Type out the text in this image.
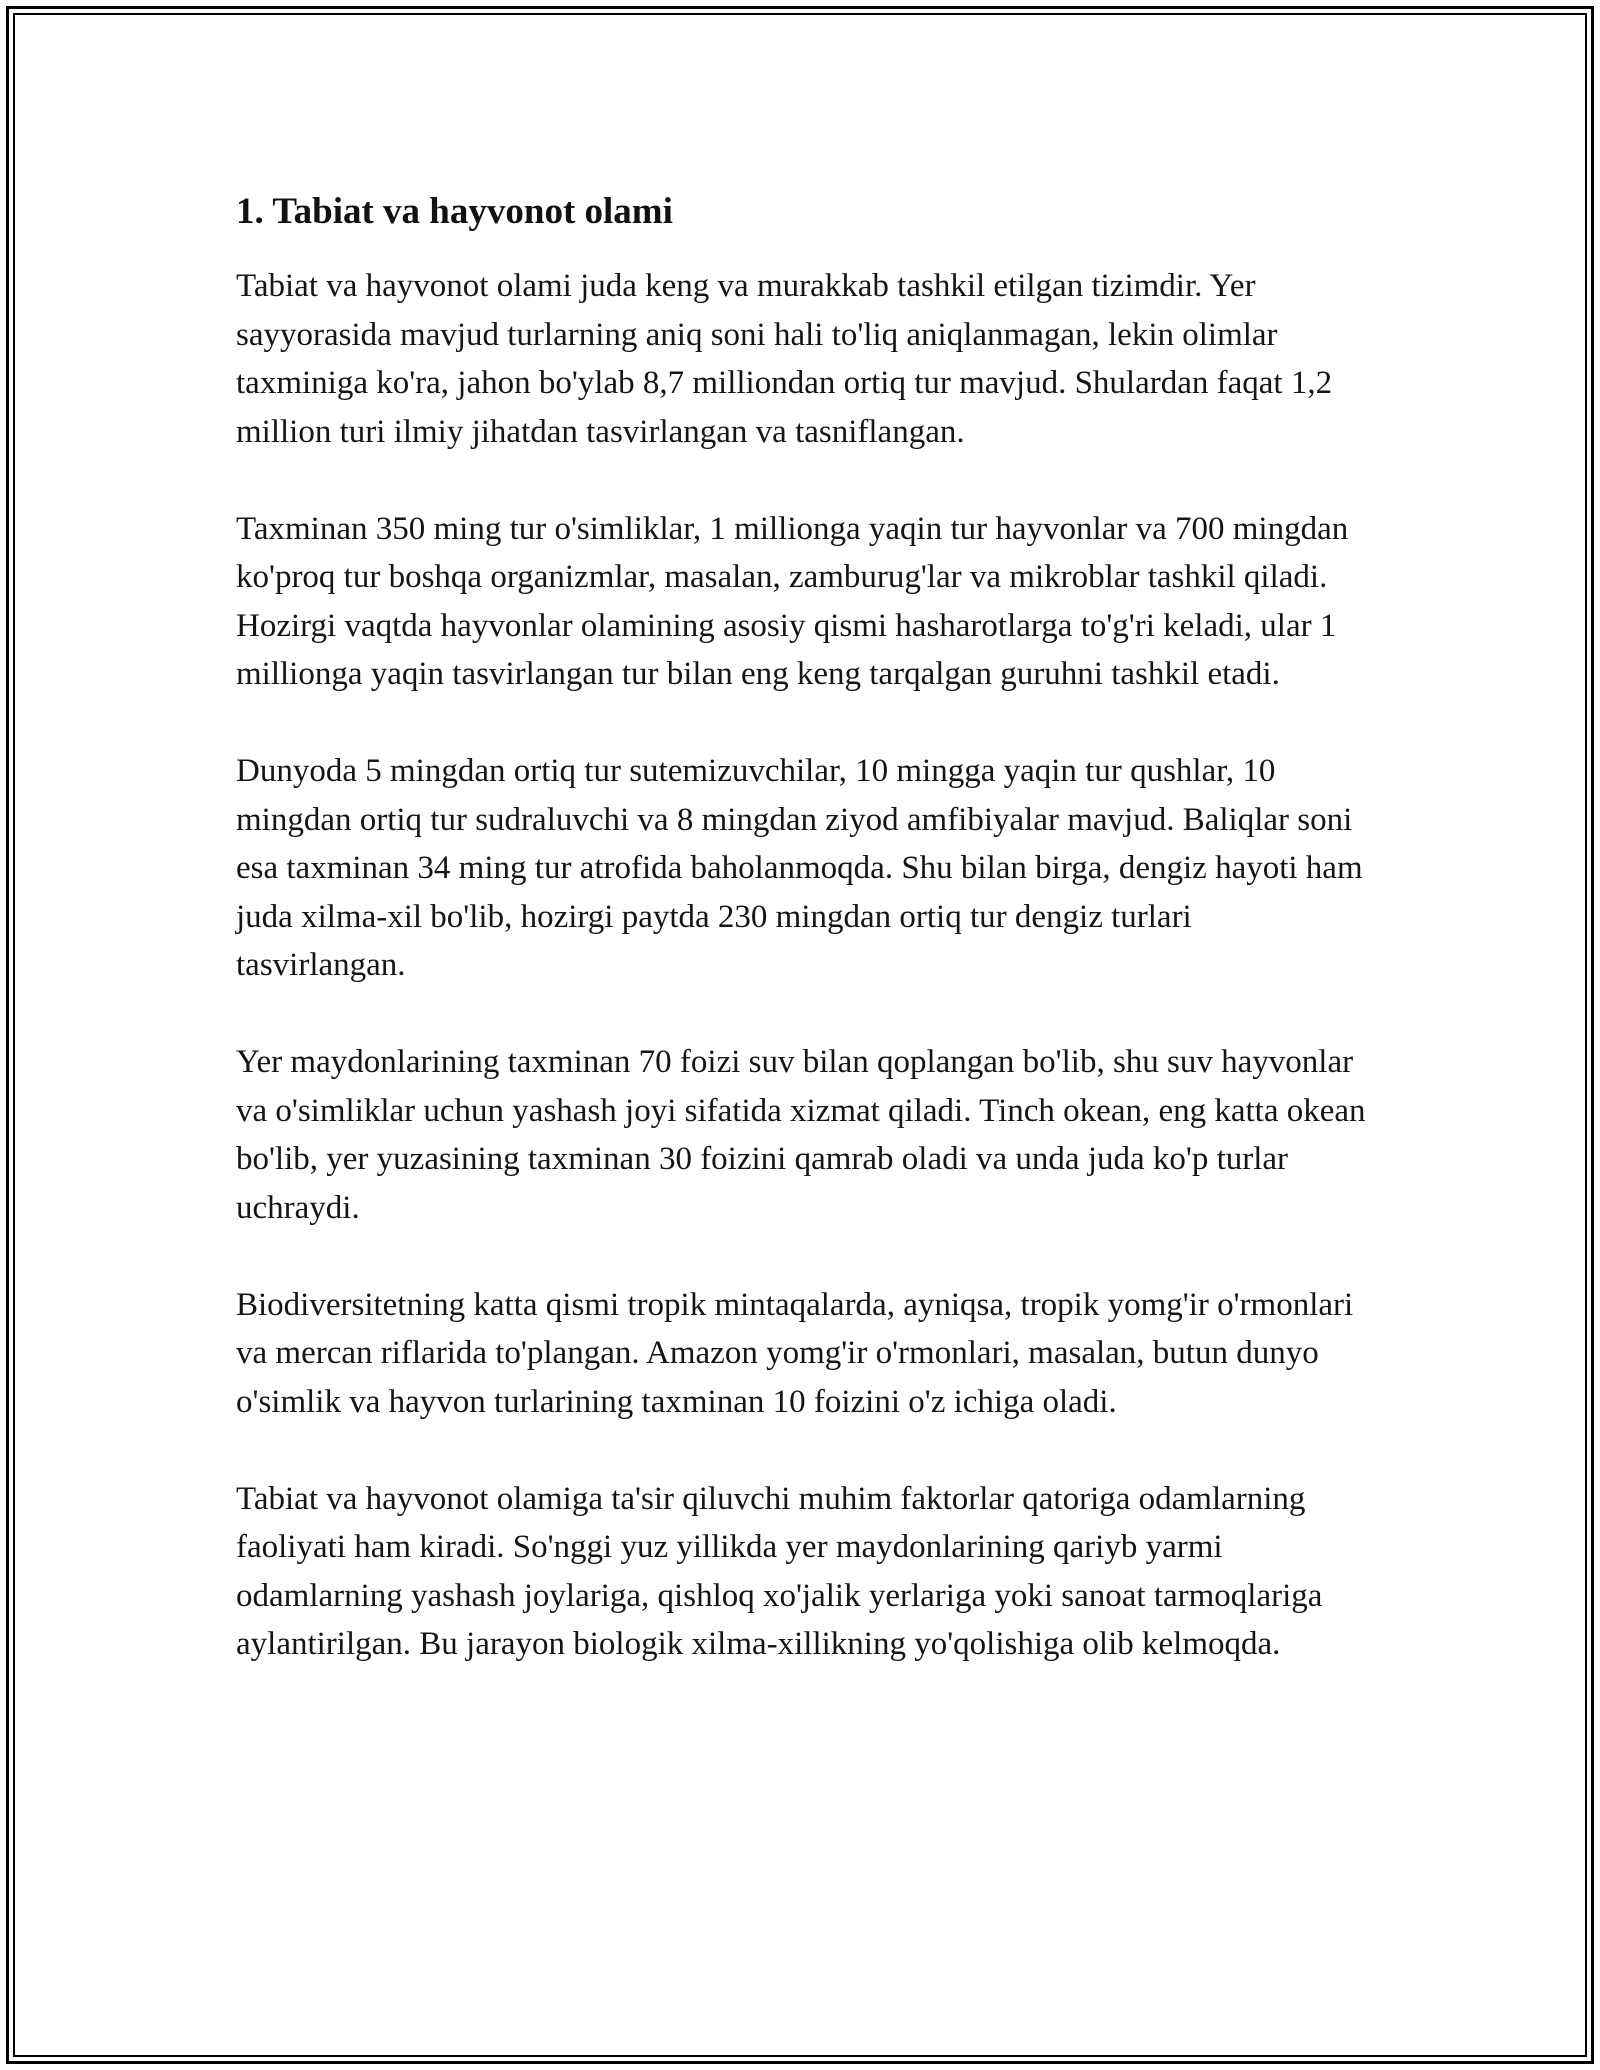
1. Tabiat va hayvonot olami

Tabiat va hayvonot olami juda keng va murakkab tashkil etilgan tizimdir. Yer sayyorasida mavjud turlarning aniq soni hali to'liq aniqlanmagan, lekin olimlar taxminiga ko'ra, jahon bo'ylab 8,7 milliondan ortiq tur mavjud. Shulardan faqat 1,2 million turi ilmiy jihatdan tasvirlangan va tasniflangan.

Taxminan 350 ming tur o'simliklar, 1 millionga yaqin tur hayvonlar va 700 mingdan ko'proq tur boshqa organizmlar, masalan, zamburug'lar va mikroblar tashkil qiladi. Hozirgi vaqtda hayvonlar olamining asosiy qismi hasharotlarga to'g'ri keladi, ular 1 millionga yaqin tasvirlangan tur bilan eng keng tarqalgan guruhni tashkil etadi.

Dunyoda 5 mingdan ortiq tur sutemizuvchilar, 10 mingga yaqin tur qushlar, 10 mingdan ortiq tur sudraluvchi va 8 mingdan ziyod amfibiyalar mavjud. Baliqlar soni esa taxminan 34 ming tur atrofida baholanmoqda. Shu bilan birga, dengiz hayoti ham juda xilma-xil bo'lib, hozirgi paytda 230 mingdan ortiq tur dengiz turlari tasvirlangan.

Yer maydonlarining taxminan 70 foizi suv bilan qoplangan bo'lib, shu suv hayvonlar va o'simliklar uchun yashash joyi sifatida xizmat qiladi. Tinch okean, eng katta okean bo'lib, yer yuzasining taxminan 30 foizini qamrab oladi va unda juda ko'p turlar uchraydi.

Biodiversitetning katta qismi tropik mintaqalarda, ayniqsa, tropik yomg'ir o'rmonlari va mercan riflarida to'plangan. Amazon yomg'ir o'rmonlari, masalan, butun dunyo o'simlik va hayvon turlarining taxminan 10 foizini o'z ichiga oladi.

Tabiat va hayvonot olamiga ta'sir qiluvchi muhim faktorlar qatoriga odamlarning faoliyati ham kiradi. So'nggi yuz yillikda yer maydonlarining qariyb yarmi odamlarning yashash joylariga, qishloq xo'jalik yerlariga yoki sanoat tarmoqlariga aylantirilgan. Bu jarayon biologik xilma-xillikning yo'qolishiga olib kelmoqda.
